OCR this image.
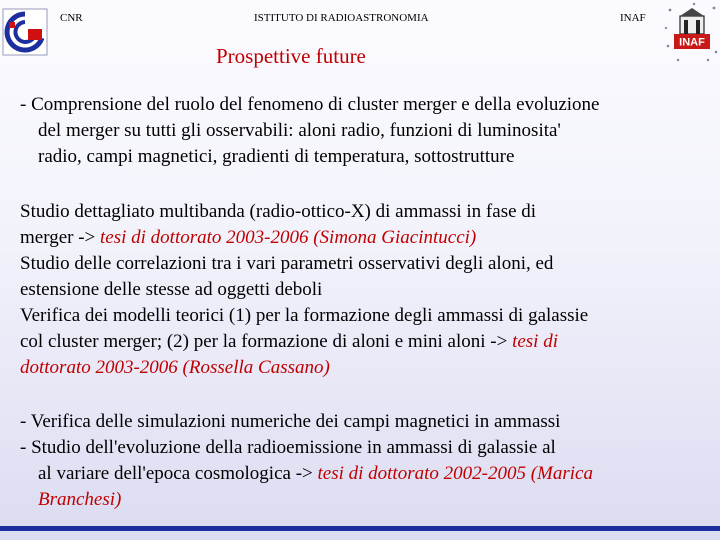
CNR	ISTITUTO DI RADIOASTRONOMIA	INAF
INAF
Prospettive future
- Comprensione del ruolo del fenomeno di cluster merger e della evoluzione
del merger su tutti gli osservabili: aloni radio, funzioni di luminosita'
radio, campi magnetici, gradienti di temperatura, sottostrutture
Studio dettagliato multibanda (radio-ottico-X) di ammassi in fase di
merger -> tesi di dottorato 2003-2006 (Simona Giacintucci)
Studio delle correlazioni tra i vari parametri osservativi degli aloni, ed
estensione delle stesse ad oggetti deboli
Verifica dei modelli teorici (1) per la formazione degli ammassi di galassie
col cluster merger; (2) per la formazione di aloni e mini aloni -> tesi di
dottorato 2003-2006 (Rossella Cassano)
- Verifica delle simulazioni numeriche dei campi magnetici in ammassi
- Studio dell'evoluzione della radioemissione in ammassi di galassie al
al variare dell'epoca cosmologica -> tesi di dottorato 2002-2005 (Marica
Branchesi)
